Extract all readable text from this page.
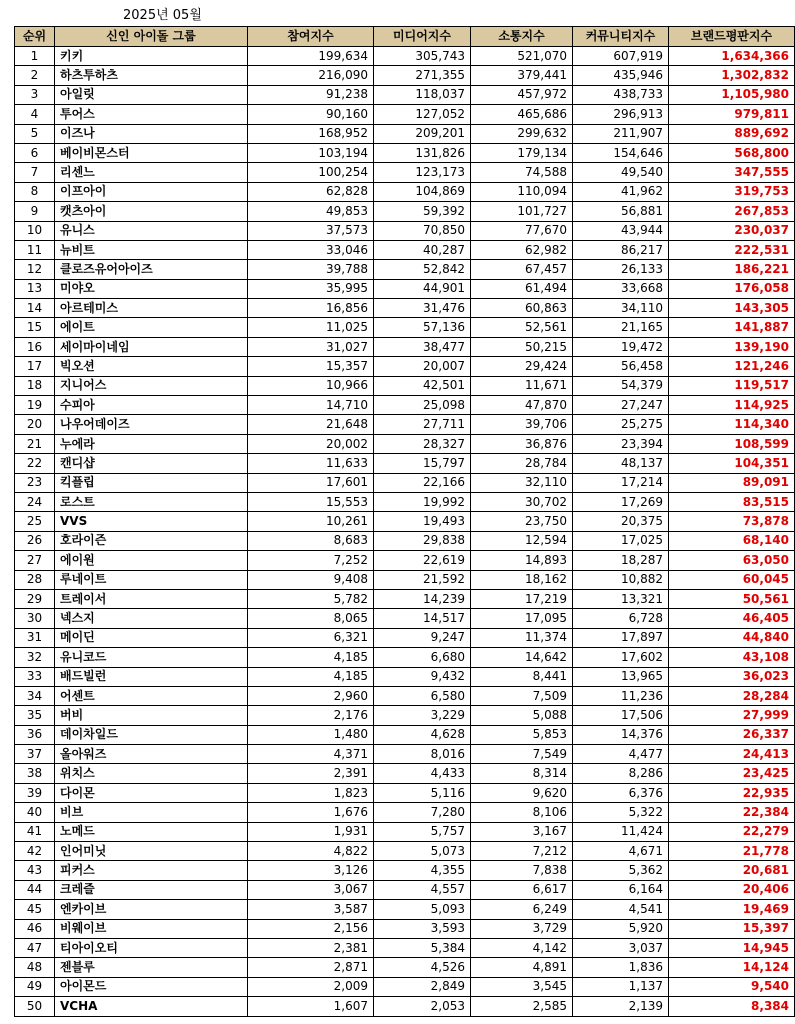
2025년 05월
순위	신인 아이돌 그룹	참여지수	미디어지수	소통지수	커뮤니티지수	브랜드평판지수
1	키키	199,634	305,743	521,070	607,919	1,634,366
2	하츠투하츠	216,090	271,355	379,441	435,946	1,302,832
3	아일릿	91,238	118,037	457,972	438,733	1,105,980
4	투어스	90,160	127,052	465,686	296,913	979,811
5	이즈나	168,952	209,201	299,632	211,907	889,692
6	베이비몬스터	103,194	131,826	179,134	154,646	568,800
7	리센느	100,254	123,173	74,588	49,540	347,555
8	이프아이	62,828	104,869	110,094	41,962	319,753
9	캣츠아이	49,853	59,392	101,727	56,881	267,853
10	유니스	37,573	70,850	77,670	43,944	230,037
11	뉴비트	33,046	40,287	62,982	86,217	222,531
12	클로즈유어아이즈	39,788	52,842	67,457	26,133	186,221
13	미야오	35,995	44,901	61,494	33,668	176,058
14	아르테미스	16,856	31,476	60,863	34,110	143,305
15	에이트	11,025	57,136	52,561	21,165	141,887
16	세이마이네임	31,027	38,477	50,215	19,472	139,190
17	빅오션	15,357	20,007	29,424	56,458	121,246
18	지니어스	10,966	42,501	11,671	54,379	119,517
19	수피아	14,710	25,098	47,870	27,247	114,925
20	나우어데이즈	21,648	27,711	39,706	25,275	114,340
21	누에라	20,002	28,327	36,876	23,394	108,599
22	캔디샵	11,633	15,797	28,784	48,137	104,351
23	킥플립	17,601	22,166	32,110	17,214	89,091
24	로스트	15,553	19,992	30,702	17,269	83,515
25	VVS	10,261	19,493	23,750	20,375	73,878
26	호라이즌	8,683	29,838	12,594	17,025	68,140
27	에이원	7,252	22,619	14,893	18,287	63,050
28	루네이트	9,408	21,592	18,162	10,882	60,045
29	트레이서	5,782	14,239	17,219	13,321	50,561
30	넥스지	8,065	14,517	17,095	6,728	46,405
31	메이딘	6,321	9,247	11,374	17,897	44,840
32	유니코드	4,185	6,680	14,642	17,602	43,108
33	배드빌런	4,185	9,432	8,441	13,965	36,023
34	어센트	2,960	6,580	7,509	11,236	28,284
35	버비	2,176	3,229	5,088	17,506	27,999
36	데이차일드	1,480	4,628	5,853	14,376	26,337
37	올아워즈	4,371	8,016	7,549	4,477	24,413
38	위치스	2,391	4,433	8,314	8,286	23,425
39	다이몬	1,823	5,116	9,620	6,376	22,935
40	비브	1,676	7,280	8,106	5,322	22,384
41	노메드	1,931	5,757	3,167	11,424	22,279
42	인어미닛	4,822	5,073	7,212	4,671	21,778
43	피커스	3,126	4,355	7,838	5,362	20,681
44	크레즐	3,067	4,557	6,617	6,164	20,406
45	엔카이브	3,587	5,093	6,249	4,541	19,469
46	비웨이브	2,156	3,593	3,729	5,920	15,397
47	티아이오티	2,381	5,384	4,142	3,037	14,945
48	젠블루	2,871	4,526	4,891	1,836	14,124
49	아이몬드	2,009	2,849	3,545	1,137	9,540
50	VCHA	1,607	2,053	2,585	2,139	8,384
